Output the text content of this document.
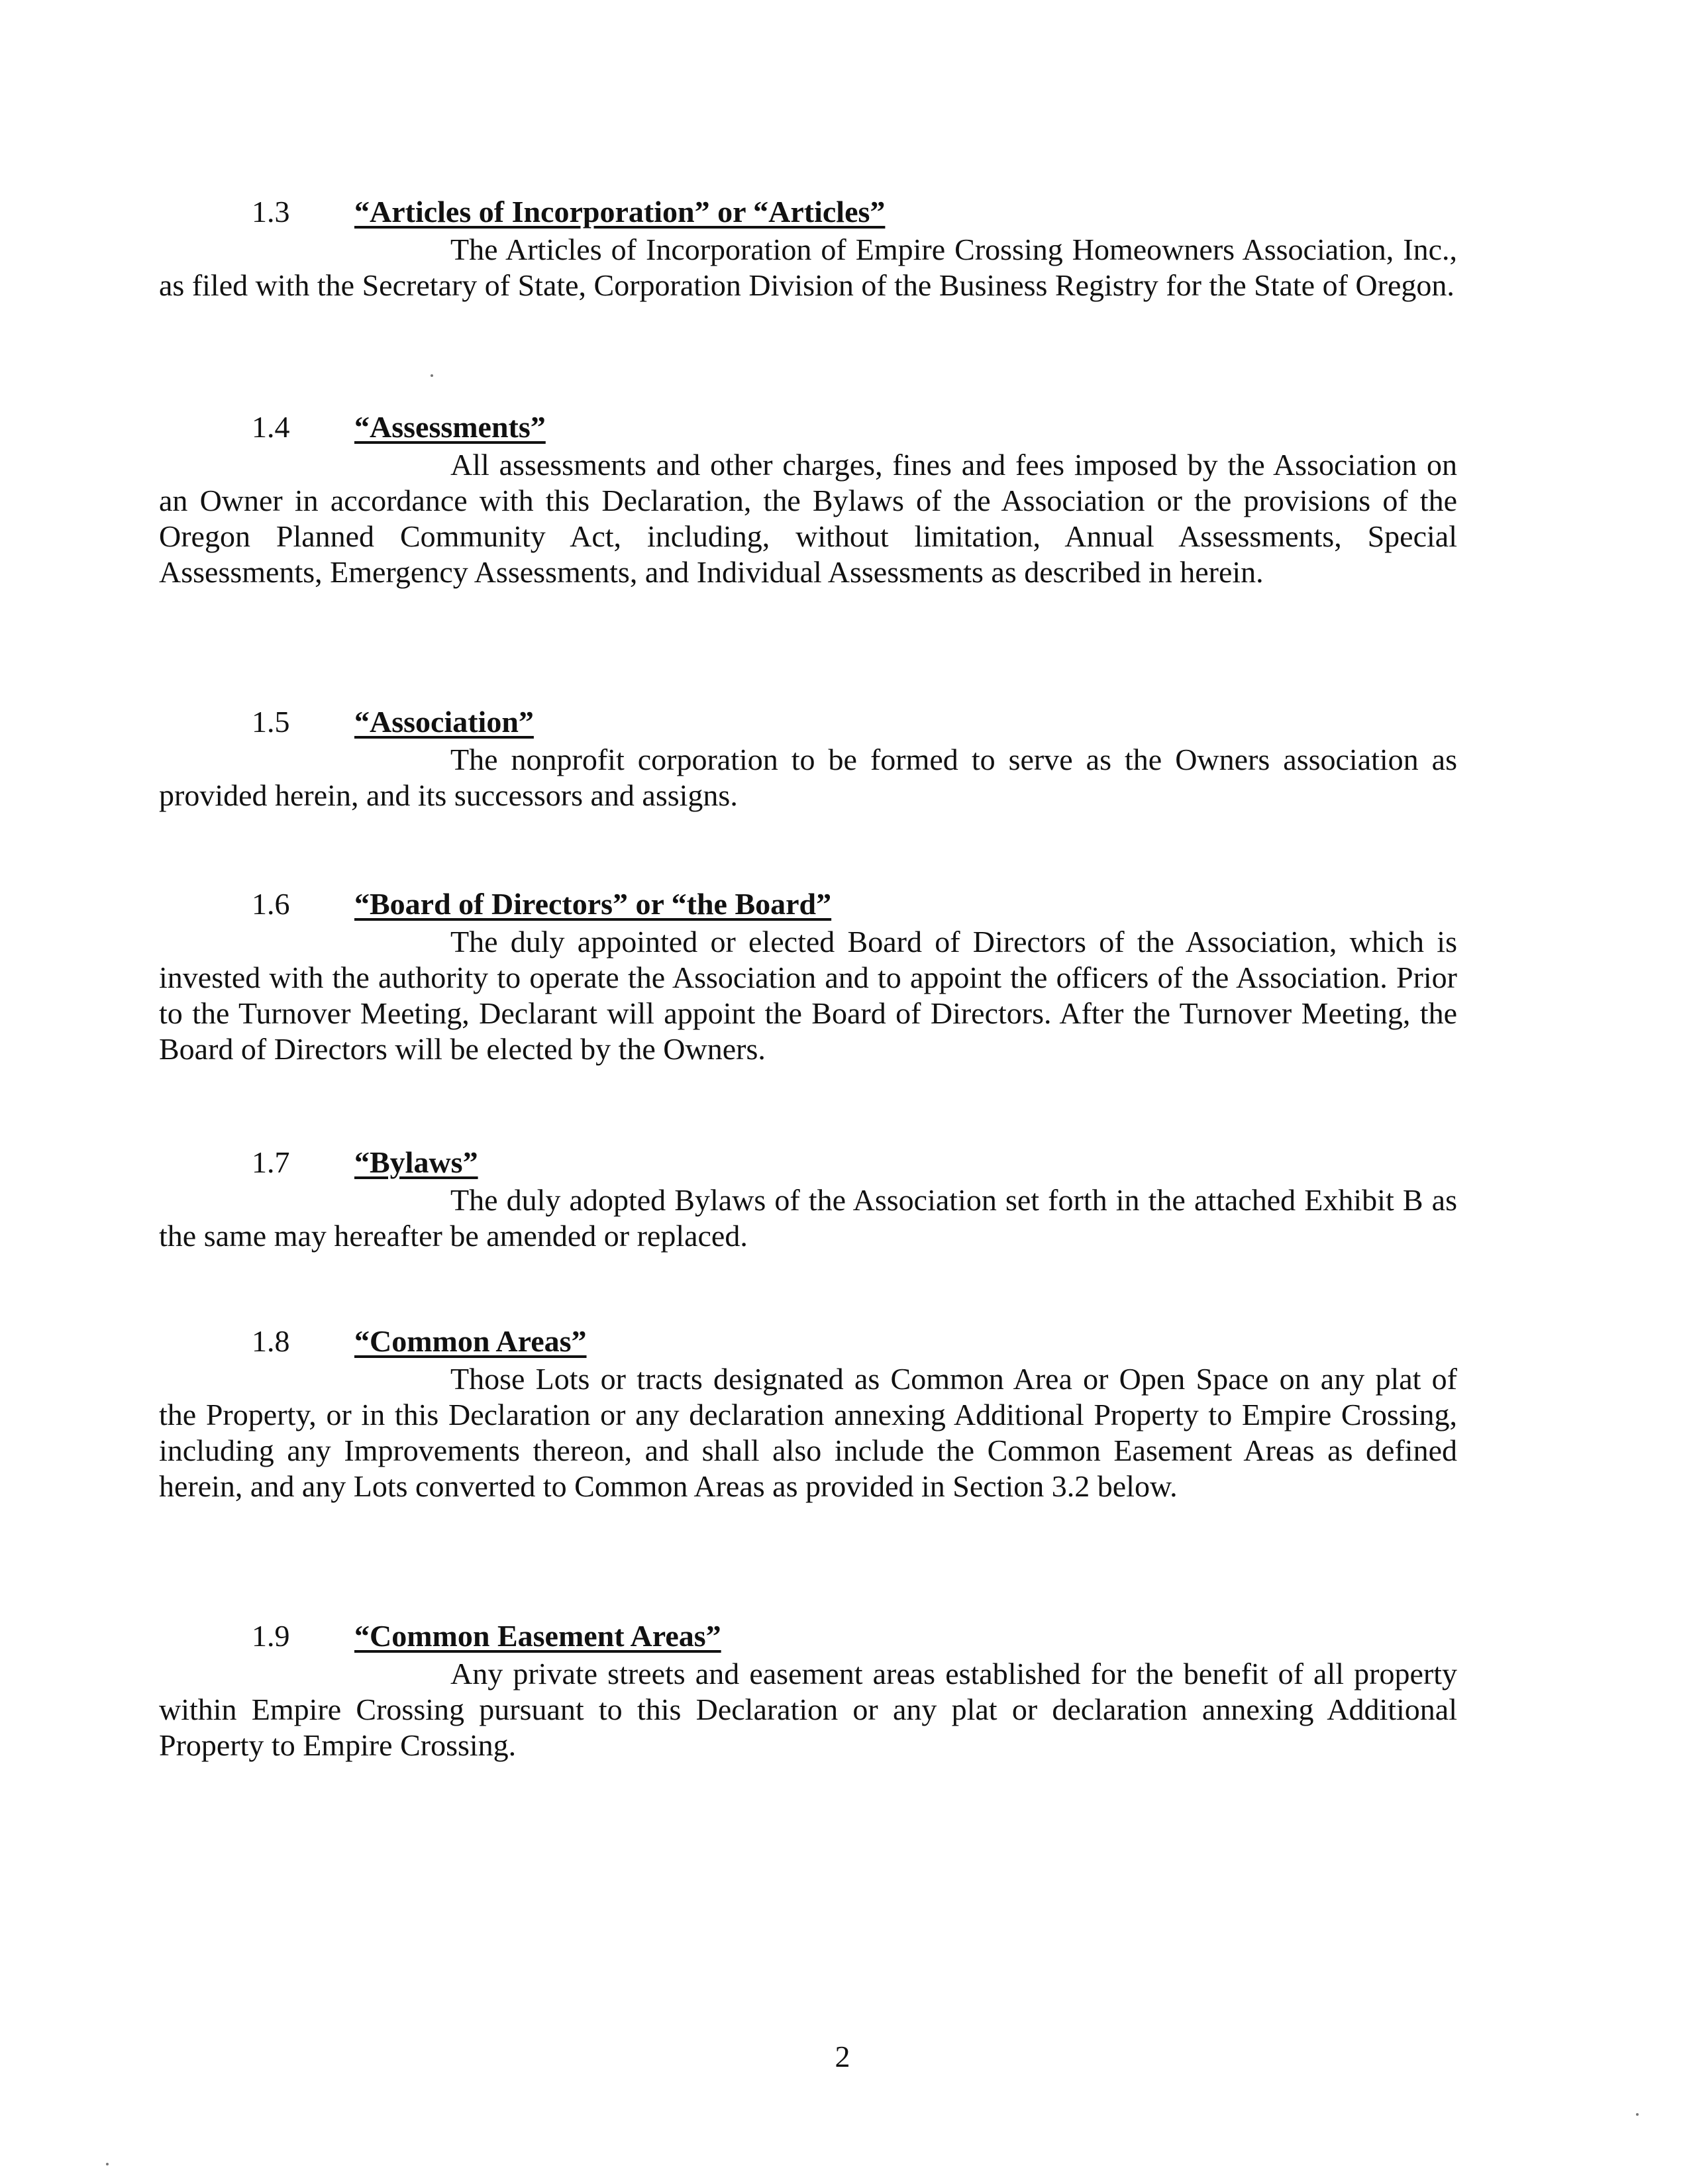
1.3 “Articles of Incorporation” or “Articles”

The Articles of Incorporation of Empire Crossing Homeowners Association, Inc., as filed with the Secretary of State, Corporation Division of the Business Registry for the State of Oregon.

1.4 “Assessments”

All assessments and other charges, fines and fees imposed by the Association on an Owner in accordance with this Declaration, the Bylaws of the Association or the provisions of the Oregon Planned Community Act, including, without limitation, Annual Assessments, Special Assessments, Emergency Assessments, and Individual Assessments as described in herein.

1.5 “Association”

The nonprofit corporation to be formed to serve as the Owners association as provided herein, and its successors and assigns.

1.6 “Board of Directors” or “the Board”

The duly appointed or elected Board of Directors of the Association, which is invested with the authority to operate the Association and to appoint the officers of the Association. Prior to the Turnover Meeting, Declarant will appoint the Board of Directors. After the Turnover Meeting, the Board of Directors will be elected by the Owners.

1.7 “Bylaws”

The duly adopted Bylaws of the Association set forth in the attached Exhibit B as the same may hereafter be amended or replaced.

1.8 “Common Areas”

Those Lots or tracts designated as Common Area or Open Space on any plat of the Property, or in this Declaration or any declaration annexing Additional Property to Empire Crossing, including any Improvements thereon, and shall also include the Common Easement Areas as defined herein, and any Lots converted to Common Areas as provided in Section 3.2 below.

1.9 “Common Easement Areas”

Any private streets and easement areas established for the benefit of all property within Empire Crossing pursuant to this Declaration or any plat or declaration annexing Additional Property to Empire Crossing.

2
